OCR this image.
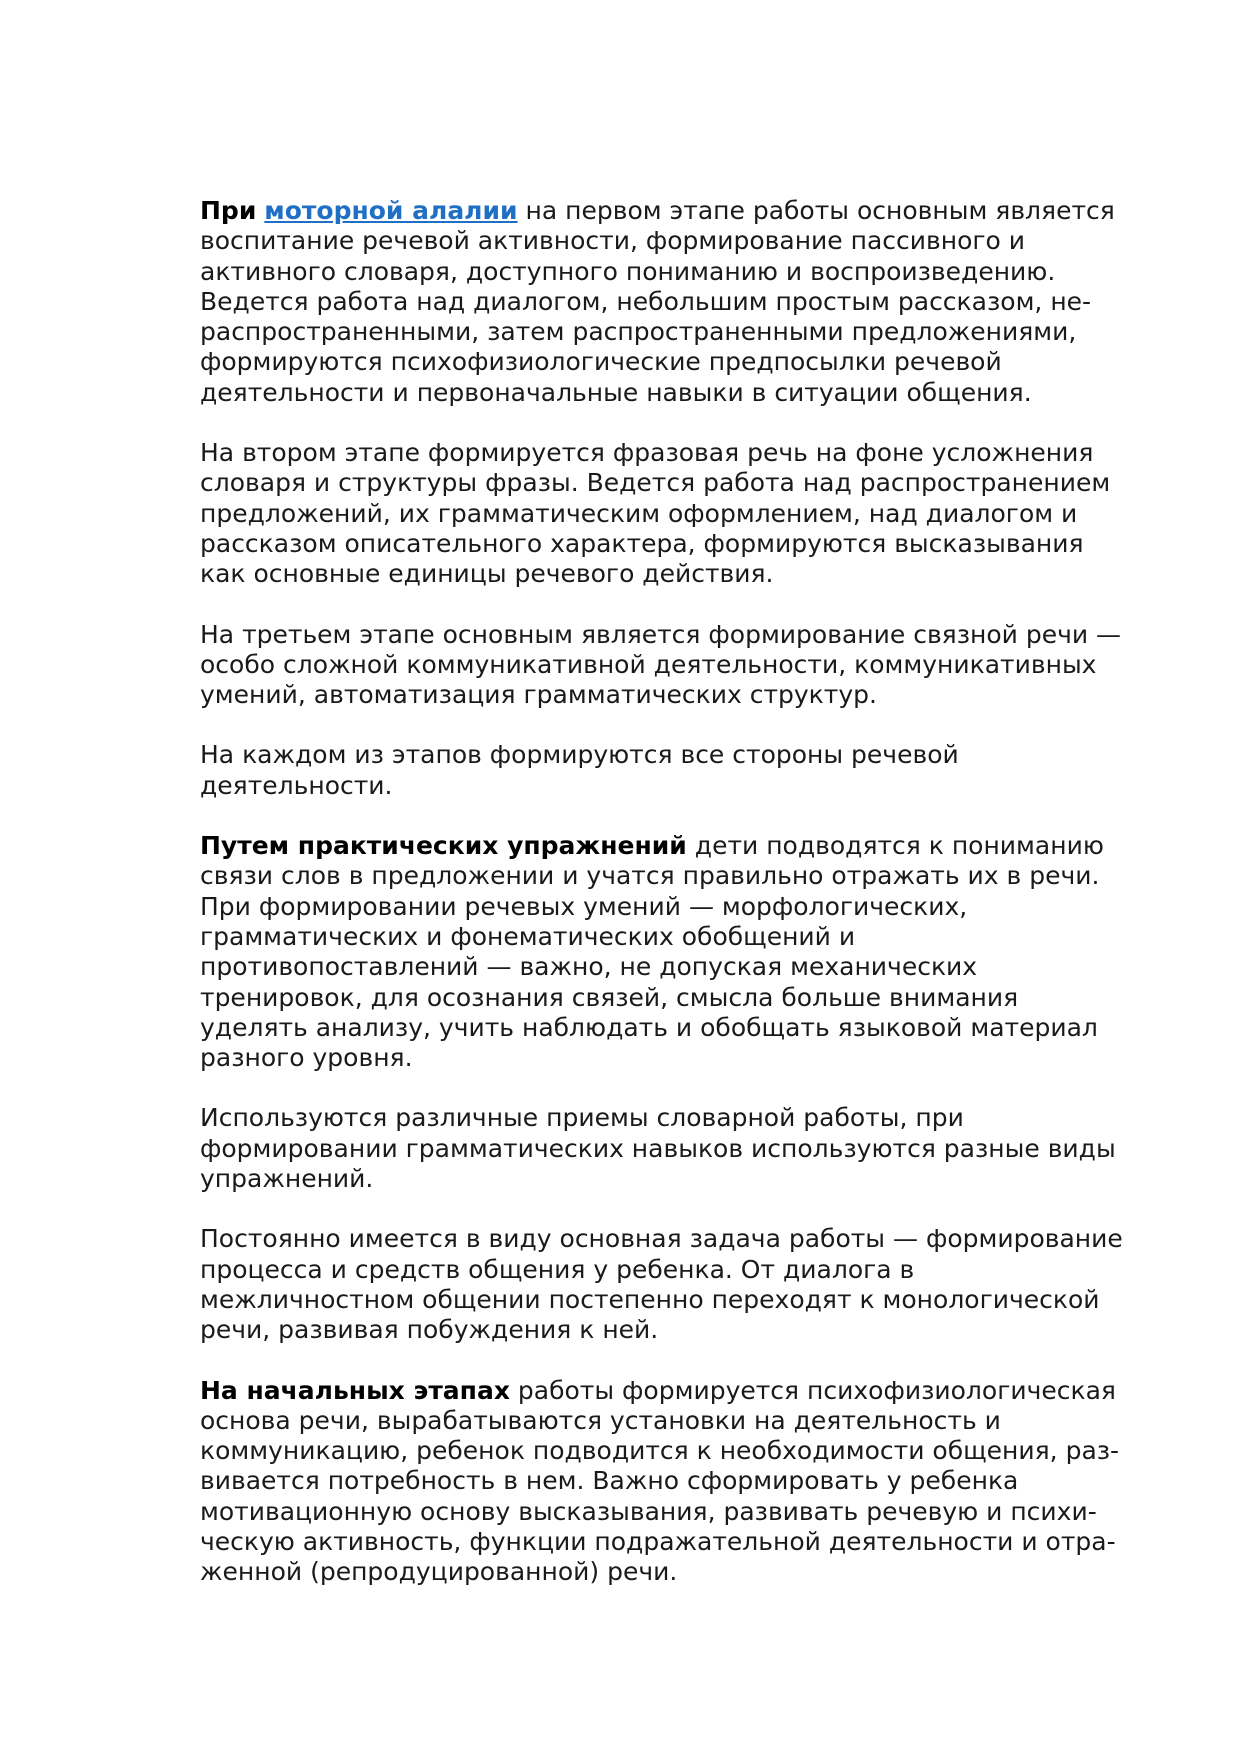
При моторной алалии на первом этапе работы основным является
воспитание речевой активности, формирование пассивного и
активного словаря, доступного пониманию и воспроизведению.
Ведется работа над диалогом, небольшим простым рассказом, не-
распространенными, затем распространенными предложениями,
формируются психофизиологические предпосылки речевой
деятельности и первоначальные навыки в ситуации общения.

На втором этапе формируется фразовая речь на фоне усложнения
словаря и структуры фразы. Ведется работа над распространением
предложений, их грамматическим оформлением, над диалогом и
рассказом описательного характера, формируются высказывания
как основные единицы речевого действия.

На третьем этапе основным является формирование связной речи —
особо сложной коммуникативной деятельности, коммуникативных
умений, автоматизация грамматических структур.

На каждом из этапов формируются все стороны речевой
деятельности.

Путем практических упражнений дети подводятся к пониманию
связи слов в предложении и учатся правильно отражать их в речи.
При формировании речевых умений — морфологических,
грамматических и фонематических обобщений и
противопоставлений — важно, не допуская механических
тренировок, для осознания связей, смысла больше внимания
уделять анализу, учить наблюдать и обобщать языковой материал
разного уровня.

Используются различные приемы словарной работы, при
формировании грамматических навыков используются разные виды
упражнений.

Постоянно имеется в виду основная задача работы — формирование
процесса и средств общения у ребенка. От диалога в
межличностном общении постепенно переходят к монологической
речи, развивая побуждения к ней.

На начальных этапах работы формируется психофизиологическая
основа речи, вырабатываются установки на деятельность и
коммуникацию, ребенок подводится к необходимости общения, раз-
вивается потребность в нем. Важно сформировать у ребенка
мотивационную основу высказывания, развивать речевую и психи-
ческую активность, функции подражательной деятельности и отра-
женной (репродуцированной) речи.
